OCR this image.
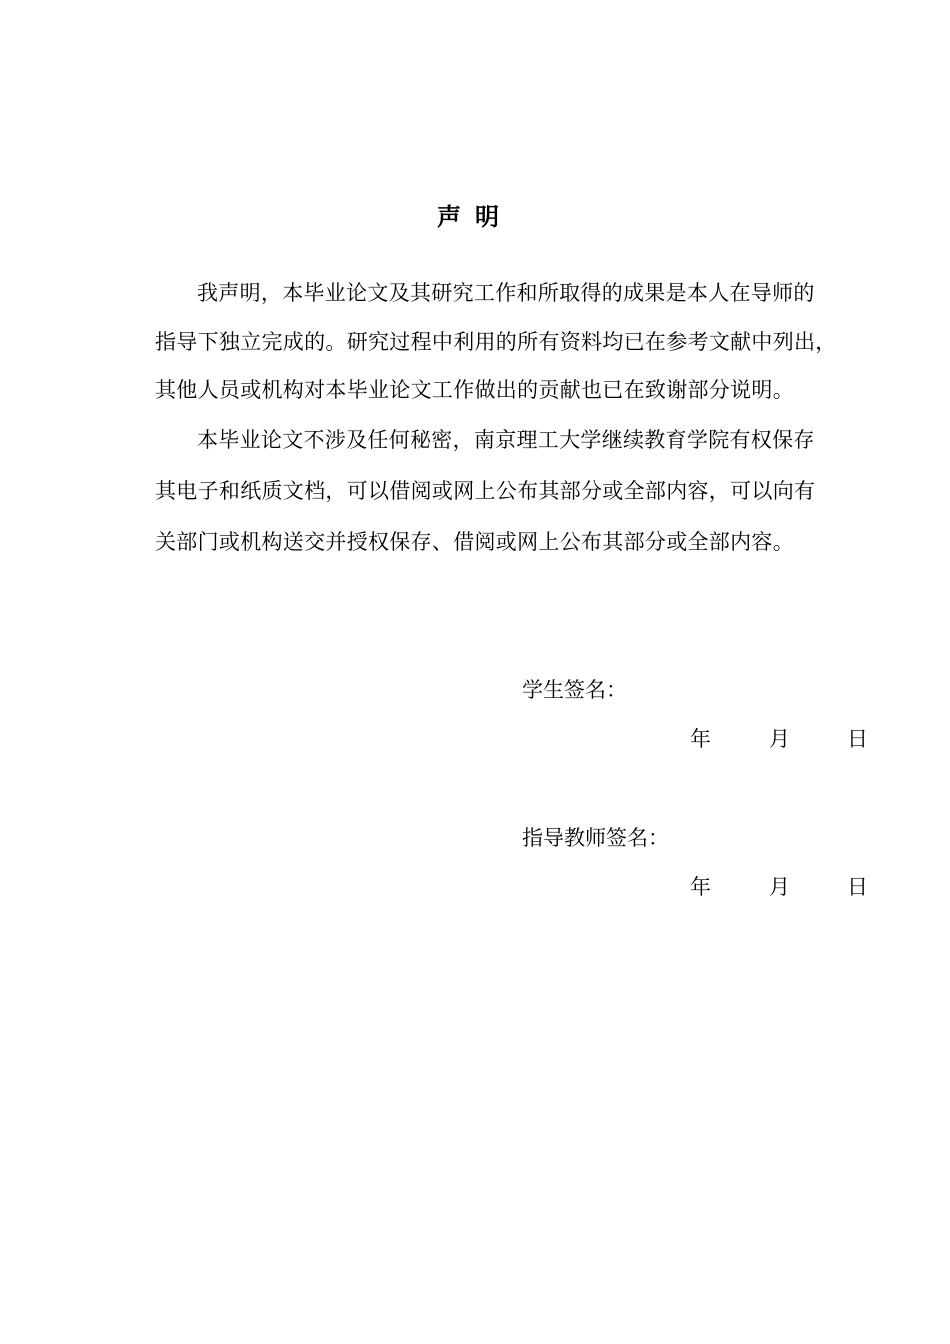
声明
我声明，本毕业论文及其研究工作和所取得的成果是本人在导师的
指导下独立完成的。研究过程中利用的所有资料均已在参考文献中列出，
其他人员或机构对本毕业论文工作做出的贡献也已在致谢部分说明。
本毕业论文不涉及任何秘密，南京理工大学继续教育学院有权保存
其电子和纸质文档，可以借阅或网上公布其部分或全部内容，可以向有
关部门或机构送交并授权保存、借阅或网上公布其部分或全部内容。
学生签名：
年	月	日
指导教师签名：
年	月	日
